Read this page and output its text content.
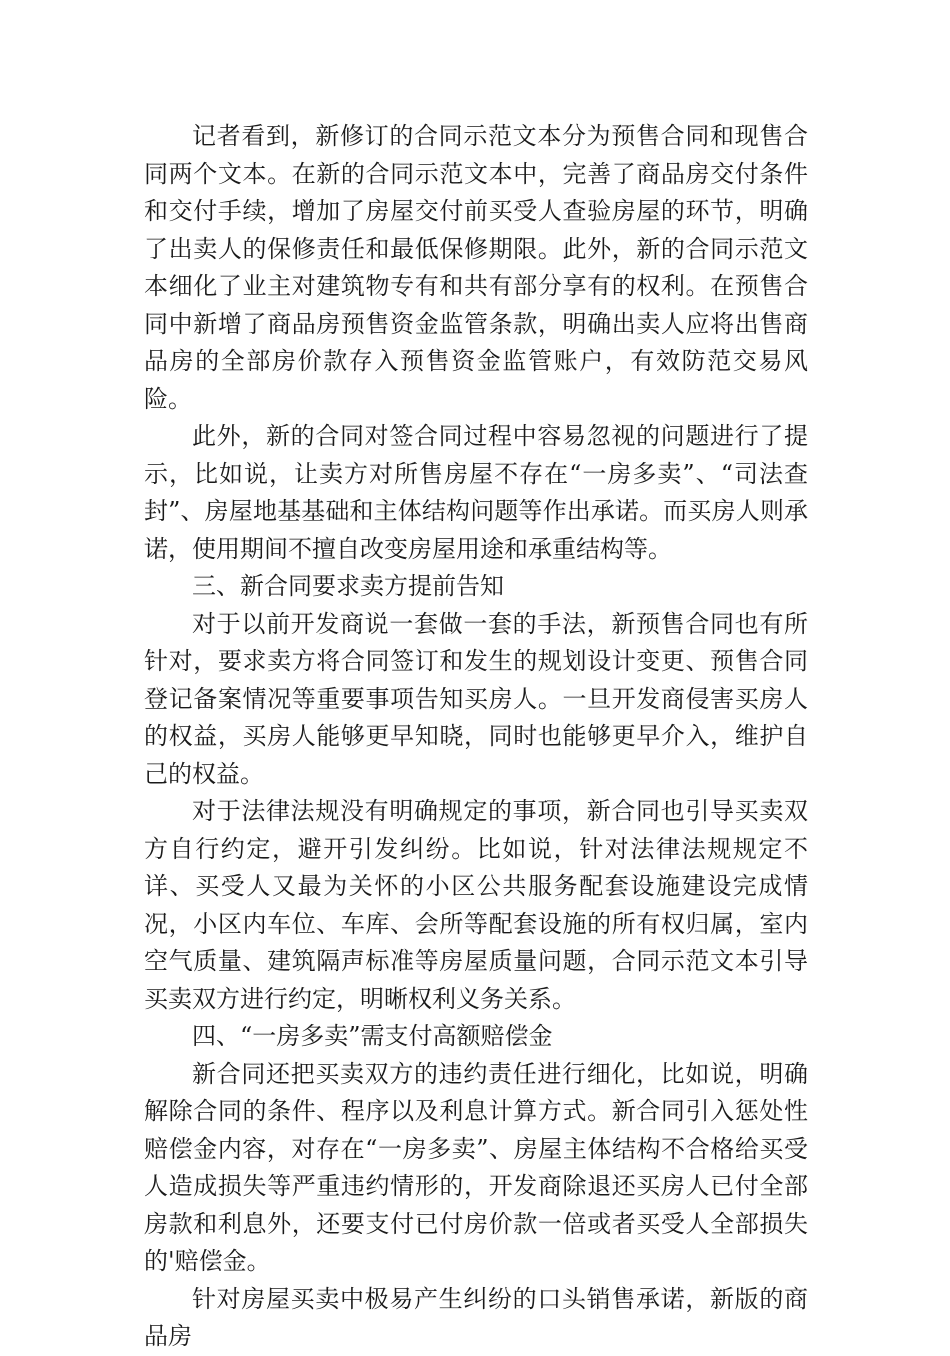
记者看到，新修订的合同示范文本分为预售合同和现售合同两个文本。在新的合同示范文本中，完善了商品房交付条件和交付手续，增加了房屋交付前买受人查验房屋的环节，明确了出卖人的保修责任和最低保修期限。此外，新的合同示范文本细化了业主对建筑物专有和共有部分享有的权利。在预售合同中新增了商品房预售资金监管条款，明确出卖人应将出售商品房的全部房价款存入预售资金监管账户，有效防范交易风险。

此外，新的合同对签合同过程中容易忽视的问题进行了提示，比如说，让卖方对所售房屋不存在“一房多卖”、“司法查封”、房屋地基基础和主体结构问题等作出承诺。而买房人则承诺，使用期间不擅自改变房屋用途和承重结构等。

三、新合同要求卖方提前告知

对于以前开发商说一套做一套的手法，新预售合同也有所针对，要求卖方将合同签订和发生的规划设计变更、预售合同登记备案情况等重要事项告知买房人。一旦开发商侵害买房人的权益，买房人能够更早知晓，同时也能够更早介入，维护自己的权益。

对于法律法规没有明确规定的事项，新合同也引导买卖双方自行约定，避开引发纠纷。比如说，针对法律法规规定不详、买受人又最为关怀的小区公共服务配套设施建设完成情况，小区内车位、车库、会所等配套设施的所有权归属，室内空气质量、建筑隔声标准等房屋质量问题，合同示范文本引导买卖双方进行约定，明晰权利义务关系。

四、“一房多卖”需支付高额赔偿金

新合同还把买卖双方的违约责任进行细化，比如说，明确解除合同的条件、程序以及利息计算方式。新合同引入惩处性赔偿金内容，对存在“一房多卖”、房屋主体结构不合格给买受人造成损失等严重违约情形的，开发商除退还买房人已付全部房款和利息外，还要支付已付房价款一倍或者买受人全部损失的'赔偿金。

针对房屋买卖中极易产生纠纷的口头销售承诺，新版的商品房
